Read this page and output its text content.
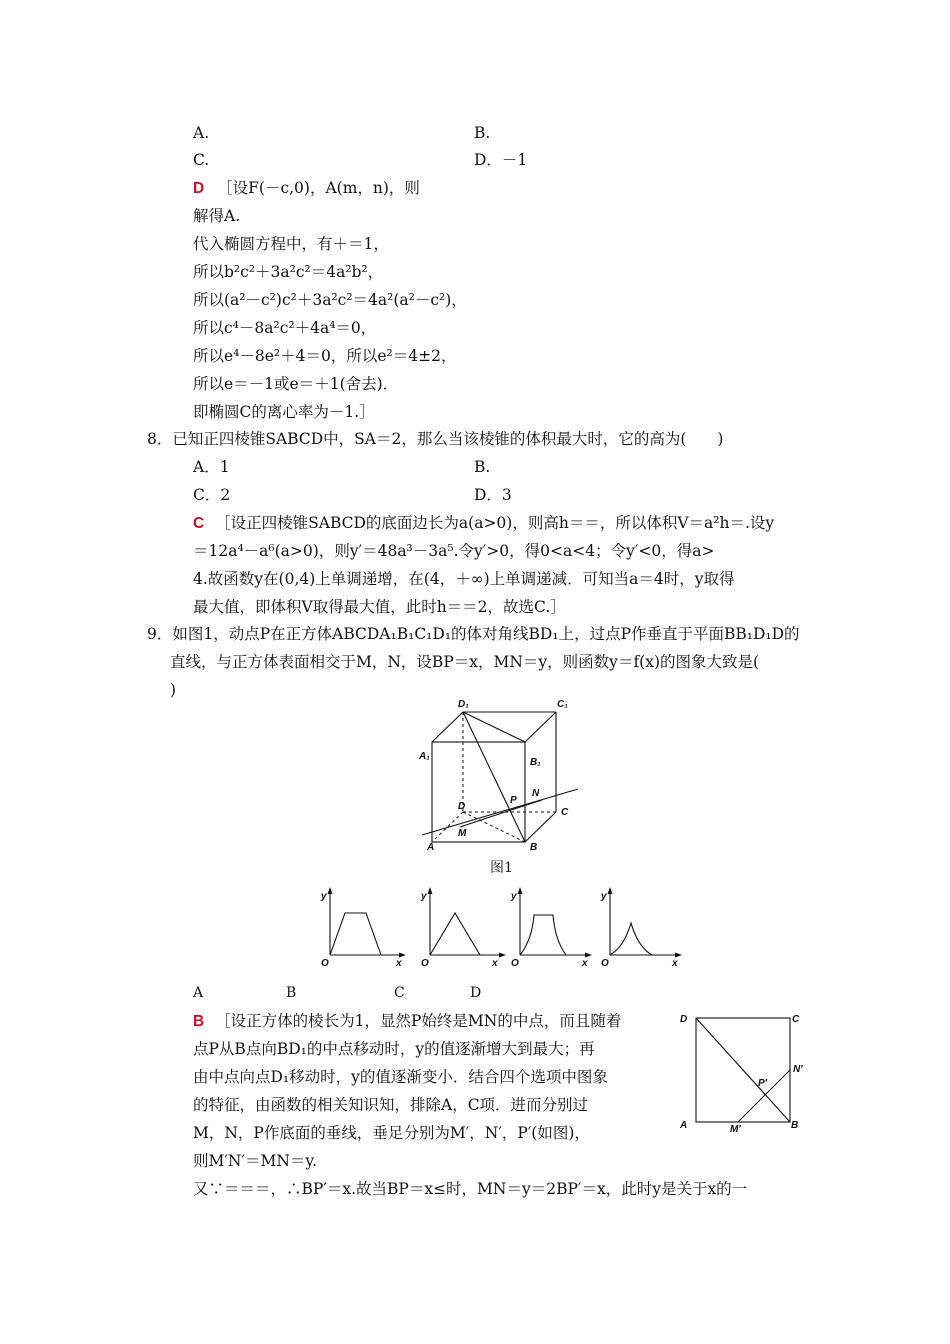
A.	B.
C.	D．－1
D ［设F(－c,0)，A(m，n)，则
解得A.
代入椭圆方程中，有＋＝1，
所以b²c²＋3a²c²＝4a²b²，
所以(a²－c²)c²＋3a²c²＝4a²(a²－c²)，
所以c⁴－8a²c²＋4a⁴＝0，
所以e⁴－8e²＋4＝0，所以e²＝4±2，
所以e＝－1或e＝＋1(舍去)．
即椭圆C的离心率为－1.］
8．已知正四棱锥SABCD中，SA＝2，那么当该棱锥的体积最大时，它的高为(　　)
A．1	B.
C．2	D．3
C ［设正四棱锥SABCD的底面边长为a(a>0)，则高h＝＝，所以体积V＝a²h＝.设y
＝12a⁴－a⁶(a>0)，则y′＝48a³－3a⁵.令y′>0，得0<a<4；令y′<0，得a>
4.故函数y在(0,4)上单调递增，在(4，＋∞)上单调递减．可知当a＝4时，y取得
最大值，即体积V取得最大值，此时h＝＝2，故选C.］
9．如图1，动点P在正方体ABCDA₁B₁C₁D₁的体对角线BD₁上，过点P作垂直于平面BB₁D₁D的
直线，与正方体表面相交于M，N，设BP＝x，MN＝y，则函数y＝f(x)的图象大致是(
)
D₁	C₁
A₁
B₁
D
C
P
N
M
A	B
图1
y
O	x
y
O	x
y
O	x
y
O	x
A	B	C	D
B ［设正方体的棱长为1，显然P始终是MN的中点，而且随着
点P从B点向BD₁的中点移动时，y的值逐渐增大到最大；再
由中点向点D₁移动时，y的值逐渐变小．结合四个选项中图象
的特征，由函数的相关知识知，排除A，C项．进而分别过
M，N，P作底面的垂线，垂足分别为M′，N′，P′(如图)，
则M′N′＝MN＝y.
又∵＝＝＝，∴BP′＝x.故当BP＝x≤时，MN＝y＝2BP′＝x，此时y是关于x的一
D	C
N′
P′
A	M′	B
